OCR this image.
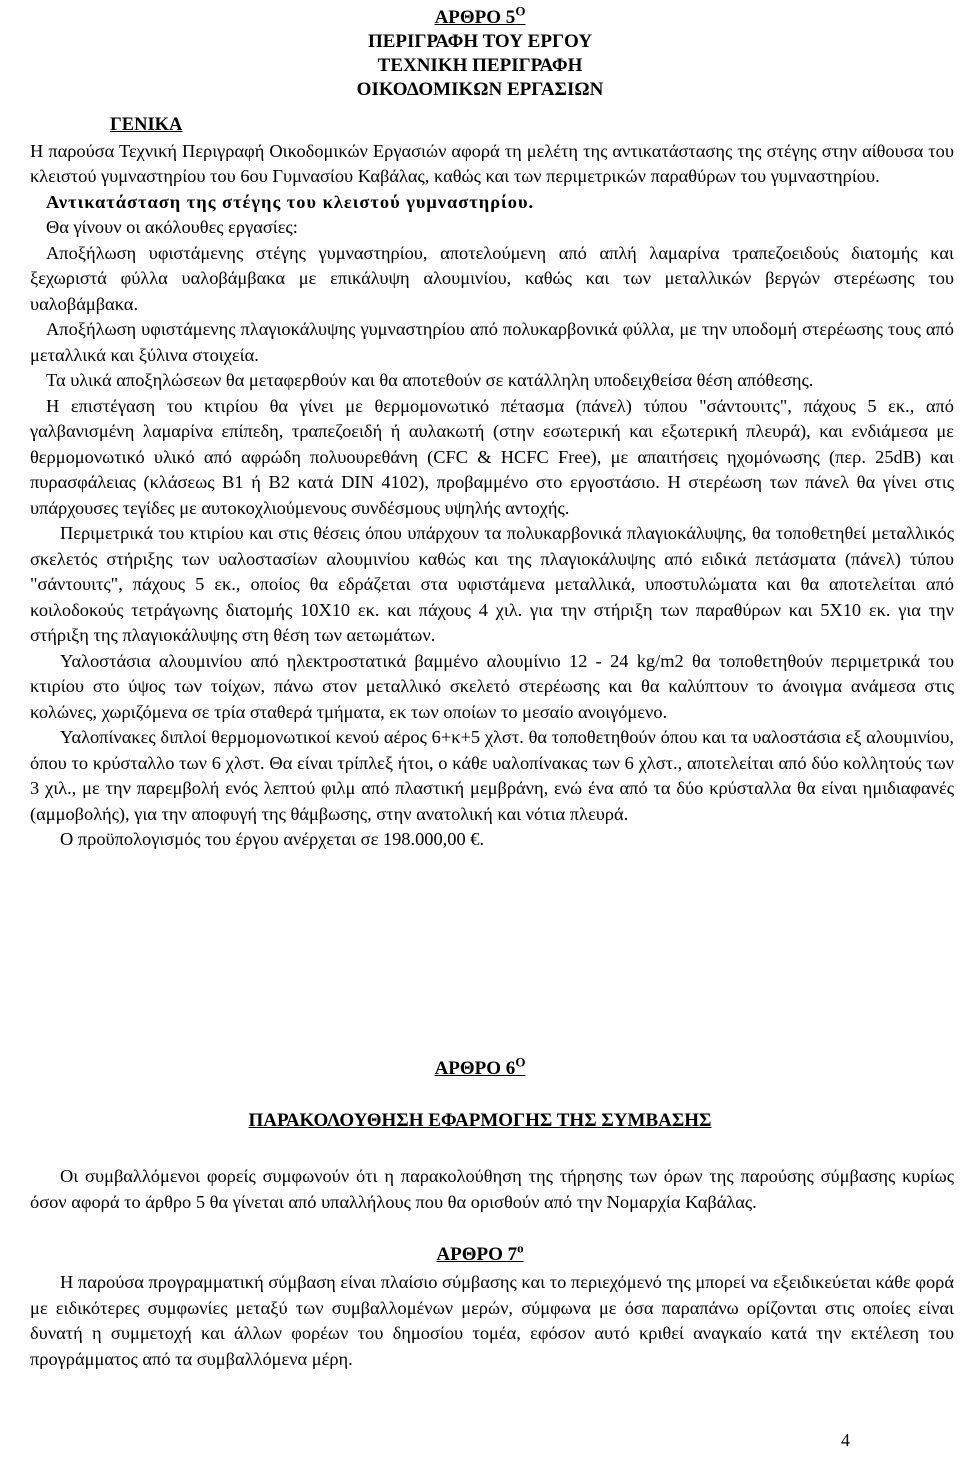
ΑΡΘΡΟ $5^O$
ΠΕΡΙΓΡΑΦΗ ΤΟΥ ΕΡΓΟΥ
ΤΕΧΝΙΚΗ ΠΕΡΙΓΡΑΦΗ
ΟΙΚΟΔΟΜΙΚΩΝ ΕΡΓΑΣΙΩΝ
ΓΕΝΙΚΑ

Η παρούσα Τεχνική Περιγραφή Οικοδομικών Εργασιών αφορά τη μελέτη της αντικατάστασης της στέγης στην αίθουσα του κλειστού γυμναστηρίου του 6ου Γυμνασίου Καβάλας, καθώς και των περιμετρικών παραθύρων του γυμναστηρίου.

Αντικατάσταση της στέγης του κλειστού γυμναστηρίου.

Θα γίνουν οι ακόλουθες εργασίες:

Αποξήλωση υφιστάμενης στέγης γυμναστηρίου, αποτελούμενη από απλή λαμαρίνα τραπεζοειδούς διατομής και ξεχωριστά φύλλα υαλοβάμβακα με επικάλυψη αλουμινίου, καθώς και των μεταλλικών βεργών στερέωσης του υαλοβάμβακα.

Αποξήλωση υφιστάμενης πλαγιοκάλυψης γυμναστηρίου από πολυκαρβονικά φύλλα, με την υποδομή στερέωσης τους από μεταλλικά και ξύλινα στοιχεία.

Τα υλικά αποξηλώσεων θα μεταφερθούν και θα αποτεθούν σε κατάλληλη υποδειχθείσα θέση απόθεσης.

Η επιστέγαση του κτιρίου θα γίνει με θερμομονωτικό πέτασμα (πάνελ) τύπου "σάντουιτς", πάχους 5 εκ., από γαλβανισμένη λαμαρίνα επίπεδη, τραπεζοειδή ή αυλακωτή (στην εσωτερική και εξωτερική πλευρά), και ενδιάμεσα με θερμομονωτικό υλικό από αφρώδη πολυουρεθάνη (CFC & HCFC Free), με απαιτήσεις ηχομόνωσης (περ. 25dB) και πυρασφάλειας (κλάσεως Β1 ή Β2 κατά DIN 4102), προβαμμένο στο εργοστάσιο. Η στερέωση των πάνελ θα γίνει στις υπάρχουσες τεγίδες με αυτοκοχλιούμενους συνδέσμους υψηλής αντοχής.

Περιμετρικά του κτιρίου και στις θέσεις όπου υπάρχουν τα πολυκαρβονικά πλαγιοκάλυψης, θα τοποθετηθεί μεταλλικός σκελετός στήριξης των υαλοστασίων αλουμινίου καθώς και της πλαγιοκάλυψης από ειδικά πετάσματα (πάνελ) τύπου "σάντουιτς", πάχους 5 εκ., οποίος θα εδράζεται στα υφιστάμενα μεταλλικά, υποστυλώματα και θα αποτελείται από κοιλοδοκούς τετράγωνης διατομής 10Χ10 εκ. και πάχους 4 χιλ. για την στήριξη των παραθύρων και 5Χ10 εκ. για την στήριξη της πλαγιοκάλυψης στη θέση των αετωμάτων.

Υαλοστάσια αλουμινίου από ηλεκτροστατικά βαμμένο αλουμίνιο 12 - 24 kg/m2 θα τοποθετηθούν περιμετρικά του κτιρίου στο ύψος των τοίχων, πάνω στον μεταλλικό σκελετό στερέωσης και θα καλύπτουν το άνοιγμα ανάμεσα στις κολώνες, χωριζόμενα σε τρία σταθερά τμήματα, εκ των οποίων το μεσαίο ανοιγόμενο.

Υαλοπίνακες διπλοί θερμομονωτικοί κενού αέρος 6+κ+5 χλστ. θα τοποθετηθούν όπου και τα υαλοστάσια εξ αλουμινίου, όπου το κρύσταλλο των 6 χλστ. Θα είναι τρίπλεξ ήτοι, ο κάθε υαλοπίνακας των 6 χλστ., αποτελείται από δύο κολλητούς των 3 χιλ., με την παρεμβολή ενός λεπτού φιλμ από πλαστική μεμβράνη, ενώ ένα από τα δύο κρύσταλλα θα είναι ημιδιαφανές (αμμοβολής), για την αποφυγή της θάμβωσης, στην ανατολική και νότια πλευρά.

Ο προϋπολογισμός του έργου ανέρχεται σε 198.000,00 €.

ΑΡΘΡΟ $6^O$
ΠΑΡΑΚΟΛΟΥΘΗΣΗ ΕΦΑΡΜΟΓΗΣ ΤΗΣ ΣΥΜΒΑΣΗΣ

Οι συμβαλλόμενοι φορείς συμφωνούν ότι η παρακολούθηση της τήρησης των όρων της παρούσης σύμβασης κυρίως όσον αφορά το άρθρο 5 θα γίνεται από υπαλλήλους που θα ορισθούν από την Νομαρχία Καβάλας.

ΑΡΘΡΟ $7^o$

Η παρούσα προγραμματική σύμβαση είναι πλαίσιο σύμβασης και το περιεχόμενό της μπορεί να εξειδικεύεται κάθε φορά με ειδικότερες συμφωνίες μεταξύ των συμβαλλομένων μερών, σύμφωνα με όσα παραπάνω ορίζονται στις οποίες είναι δυνατή η συμμετοχή και άλλων φορέων του δημοσίου τομέα, εφόσον αυτό κριθεί αναγκαίο κατά την εκτέλεση του προγράμματος από τα συμβαλλόμενα μέρη.

4
